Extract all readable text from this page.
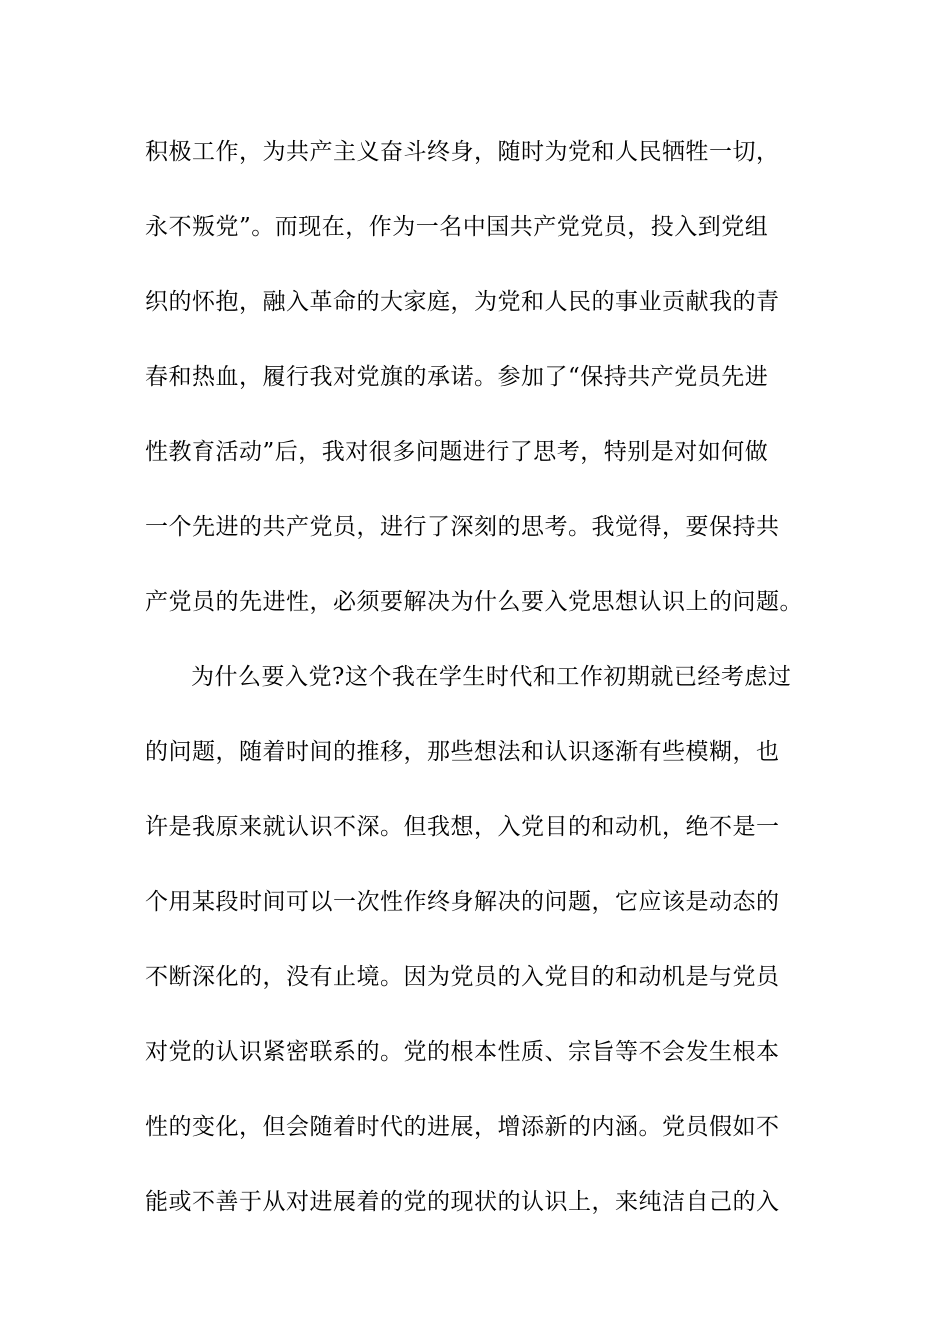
积极工作，为共产主义奋斗终身，随时为党和人民牺牲一切，
永不叛党”。而现在，作为一名中国共产党党员，投入到党组
织的怀抱，融入革命的大家庭，为党和人民的事业贡献我的青
春和热血，履行我对党旗的承诺。参加了“保持共产党员先进
性教育活动”后，我对很多问题进行了思考，特别是对如何做
一个先进的共产党员，进行了深刻的思考。我觉得，要保持共
产党员的先进性，必须要解决为什么要入党思想认识上的问题。
为什么要入党?这个我在学生时代和工作初期就已经考虑过
的问题，随着时间的推移，那些想法和认识逐渐有些模糊，也
许是我原来就认识不深。但我想，入党目的和动机，绝不是一
个用某段时间可以一次性作终身解决的问题，它应该是动态的
不断深化的，没有止境。因为党员的入党目的和动机是与党员
对党的认识紧密联系的。党的根本性质、宗旨等不会发生根本
性的变化，但会随着时代的进展，增添新的内涵。党员假如不
能或不善于从对进展着的党的现状的认识上，来纯洁自己的入
